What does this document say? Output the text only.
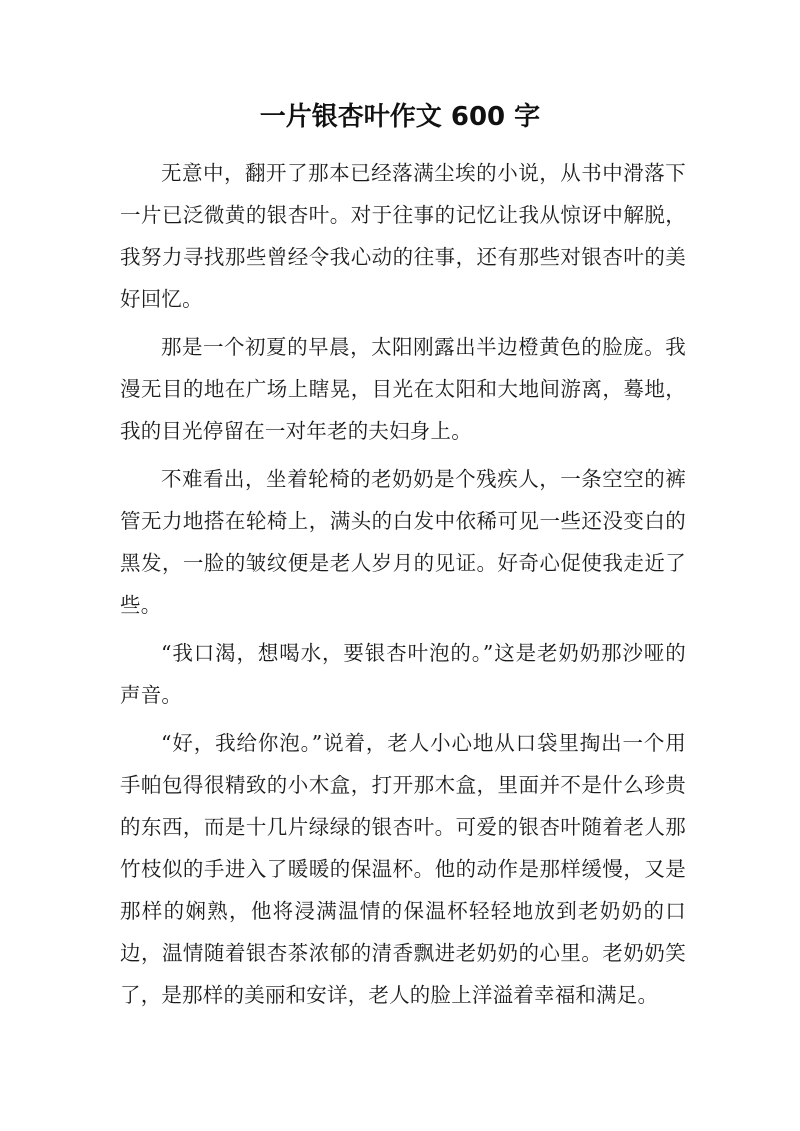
一片银杏叶作文 600 字

无意中，翻开了那本已经落满尘埃的小说，从书中滑落下一片已泛微黄的银杏叶。对于往事的记忆让我从惊讶中解脱，我努力寻找那些曾经令我心动的往事，还有那些对银杏叶的美好回忆。

那是一个初夏的早晨，太阳刚露出半边橙黄色的脸庞。我漫无目的地在广场上瞎晃，目光在太阳和大地间游离，蓦地，我的目光停留在一对年老的夫妇身上。

不难看出，坐着轮椅的老奶奶是个残疾人，一条空空的裤管无力地搭在轮椅上，满头的白发中依稀可见一些还没变白的黑发，一脸的皱纹便是老人岁月的见证。好奇心促使我走近了些。

“我口渴，想喝水，要银杏叶泡的。”这是老奶奶那沙哑的声音。

“好，我给你泡。”说着，老人小心地从口袋里掏出一个用手帕包得很精致的小木盒，打开那木盒，里面并不是什么珍贵的东西，而是十几片绿绿的银杏叶。可爱的银杏叶随着老人那竹枝似的手进入了暖暖的保温杯。他的动作是那样缓慢，又是那样的娴熟，他将浸满温情的保温杯轻轻地放到老奶奶的口边，温情随着银杏茶浓郁的清香飘进老奶奶的心里。老奶奶笑了，是那样的美丽和安详，老人的脸上洋溢着幸福和满足。
